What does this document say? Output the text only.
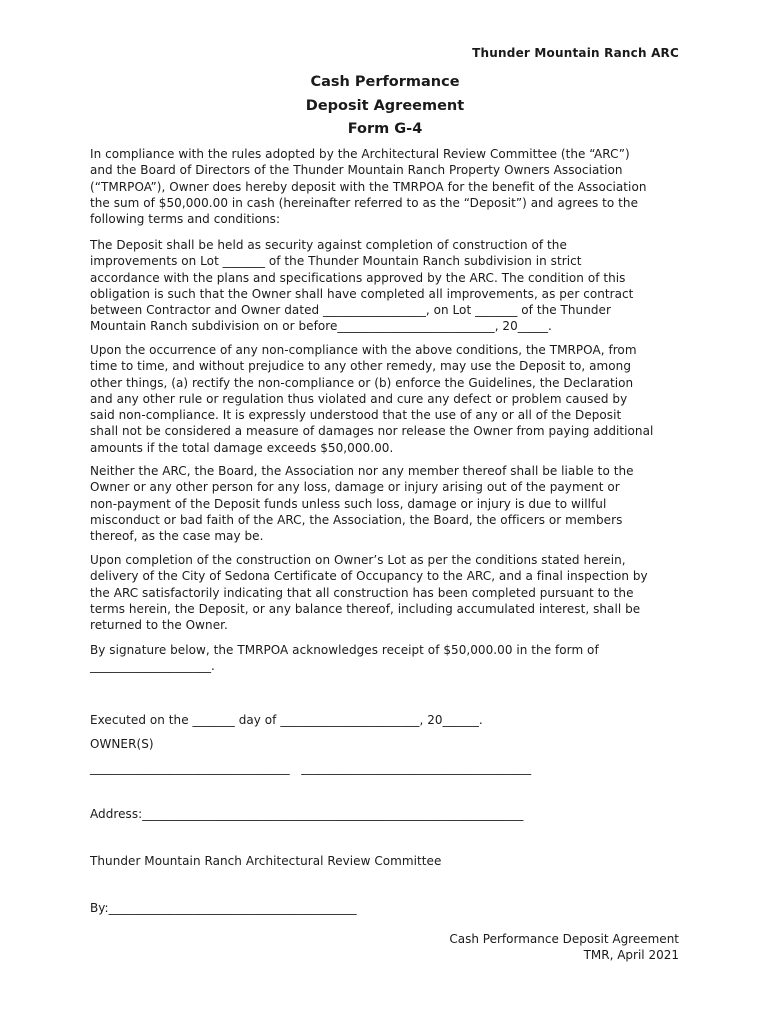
Thunder Mountain Ranch ARC
Cash Performance
Deposit Agreement
Form G-4
In compliance with the rules adopted by the Architectural Review Committee (the “ARC”)
and the Board of Directors of the Thunder Mountain Ranch Property Owners Association
(“TMRPOA”), Owner does hereby deposit with the TMRPOA for the benefit of the Association
the sum of $50,000.00 in cash (hereinafter referred to as the “Deposit”) and agrees to the
following terms and conditions:
The Deposit shall be held as security against completion of construction of the
improvements on Lot _______ of the Thunder Mountain Ranch subdivision in strict
accordance with the plans and specifications approved by the ARC. The condition of this
obligation is such that the Owner shall have completed all improvements, as per contract
between Contractor and Owner dated _________________, on Lot _______ of the Thunder
Mountain Ranch subdivision on or before__________________________, 20_____.
Upon the occurrence of any non-compliance with the above conditions, the TMRPOA, from
time to time, and without prejudice to any other remedy, may use the Deposit to, among
other things, (a) rectify the non-compliance or (b) enforce the Guidelines, the Declaration
and any other rule or regulation thus violated and cure any defect or problem caused by
said non-compliance. It is expressly understood that the use of any or all of the Deposit
shall not be considered a measure of damages nor release the Owner from paying additional
amounts if the total damage exceeds $50,000.00.
Neither the ARC, the Board, the Association nor any member thereof shall be liable to the
Owner or any other person for any loss, damage or injury arising out of the payment or
non-payment of the Deposit funds unless such loss, damage or injury is due to willful
misconduct or bad faith of the ARC, the Association, the Board, the officers or members
thereof, as the case may be.
Upon completion of the construction on Owner’s Lot as per the conditions stated herein,
delivery of the City of Sedona Certificate of Occupancy to the ARC, and a final inspection by
the ARC satisfactorily indicating that all construction has been completed pursuant to the
terms herein, the Deposit, or any balance thereof, including accumulated interest, shall be
returned to the Owner.
By signature below, the TMRPOA acknowledges receipt of $50,000.00 in the form of
____________________.
Executed on the _______ day of _______________________, 20______.
OWNER(S)
_________________________________   ______________________________________
Address:_______________________________________________________________
Thunder Mountain Ranch Architectural Review Committee
By:_________________________________________
Cash Performance Deposit Agreement
TMR, April 2021
